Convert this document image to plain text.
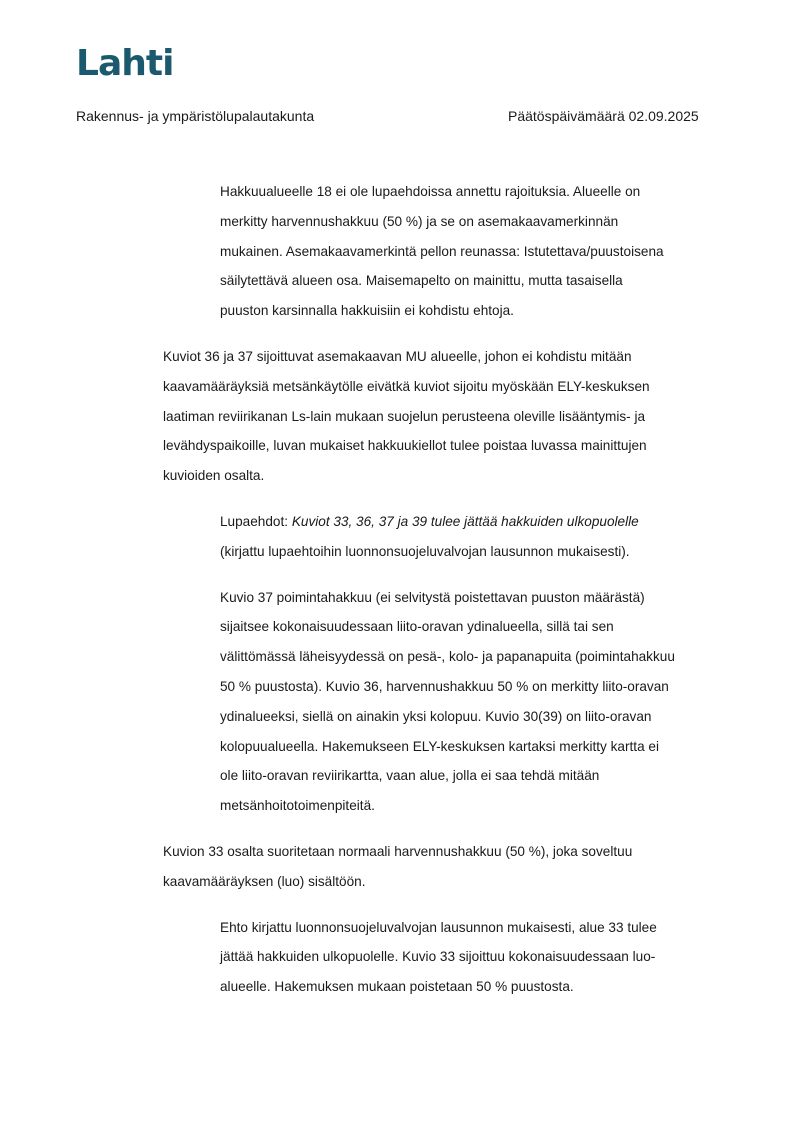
Lahti
Rakennus- ja ympäristölupalautakunta	Päätöspäivämäärä 02.09.2025
Hakkuualueelle 18 ei ole lupaehdoissa annettu rajoituksia. Alueelle on
merkitty harvennushakkuu (50 %) ja se on asemakaavamerkinnän
mukainen. Asemakaavamerkintä pellon reunassa: Istutettava/puustoisena
säilytettävä alueen osa. Maisemapelto on mainittu, mutta tasaisella
puuston karsinnalla hakkuisiin ei kohdistu ehtoja.
Kuviot 36 ja 37 sijoittuvat asemakaavan MU alueelle, johon ei kohdistu mitään
kaavamääräyksiä metsänkäytölle eivätkä kuviot sijoitu myöskään ELY-keskuksen
laatiman reviirikanan Ls-lain mukaan suojelun perusteena oleville lisääntymis- ja
levähdyspaikoille, luvan mukaiset hakkuukiellot tulee poistaa luvassa mainittujen
kuvioiden osalta.
Lupaehdot: Kuviot 33, 36, 37 ja 39 tulee jättää hakkuiden ulkopuolelle
(kirjattu lupaehtoihin luonnonsuojeluvalvojan lausunnon mukaisesti).
Kuvio 37 poimintahakkuu (ei selvitystä poistettavan puuston määrästä)
sijaitsee kokonaisuudessaan liito-oravan ydinalueella, sillä tai sen
välittömässä läheisyydessä on pesä-, kolo- ja papanapuita (poimintahakkuu
50 % puustosta). Kuvio 36, harvennushakkuu 50 % on merkitty liito-oravan
ydinalueeksi, siellä on ainakin yksi kolopuu. Kuvio 30(39) on liito-oravan
kolopuualueella. Hakemukseen ELY-keskuksen kartaksi merkitty kartta ei
ole liito-oravan reviirikartta, vaan alue, jolla ei saa tehdä mitään
metsänhoitotoimenpiteitä.
Kuvion 33 osalta suoritetaan normaali harvennushakkuu (50 %), joka soveltuu
kaavamääräyksen (luo) sisältöön.
Ehto kirjattu luonnonsuojeluvalvojan lausunnon mukaisesti, alue 33 tulee
jättää hakkuiden ulkopuolelle. Kuvio 33 sijoittuu kokonaisuudessaan luo-
alueelle. Hakemuksen mukaan poistetaan 50 % puustosta.
